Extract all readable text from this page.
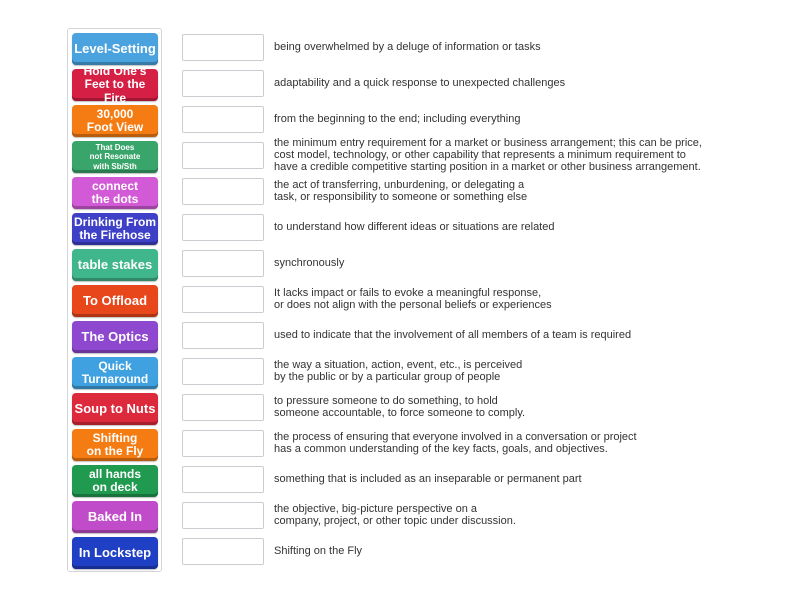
Level-Setting
Hold One's
Feet to the Fire
30,000
Foot View
That Does
not Resonate
with Sb/Sth
connect
the dots
Drinking From
the Firehose
table stakes
To Offload
The Optics
Quick
Turnaround
Soup to Nuts
Shifting
on the Fly
all hands
on deck
Baked In
In Lockstep
being overwhelmed by a deluge of information or tasks
adaptability and a quick response to unexpected challenges
from the beginning to the end; including everything
the minimum entry requirement for a market or business arrangement; this can be price,
cost model, technology, or other capability that represents a minimum requirement to
have a credible competitive starting position in a market or other business arrangement.
the act of transferring, unburdening, or delegating a
task, or responsibility to someone or something else
to understand how different ideas or situations are related
synchronously
It lacks impact or fails to evoke a meaningful response,
or does not align with the personal beliefs or experiences
used to indicate that the involvement of all members of a team is required
the way a situation, action, event, etc., is perceived
by the public or by a particular group of people
to pressure someone to do something, to hold
someone accountable, to force someone to comply.
the process of ensuring that everyone involved in a conversation or project
has a common understanding of the key facts, goals, and objectives.
something that is included as an inseparable or permanent part
the objective, big-picture perspective on a
company, project, or other topic under discussion.
Shifting on the Fly
